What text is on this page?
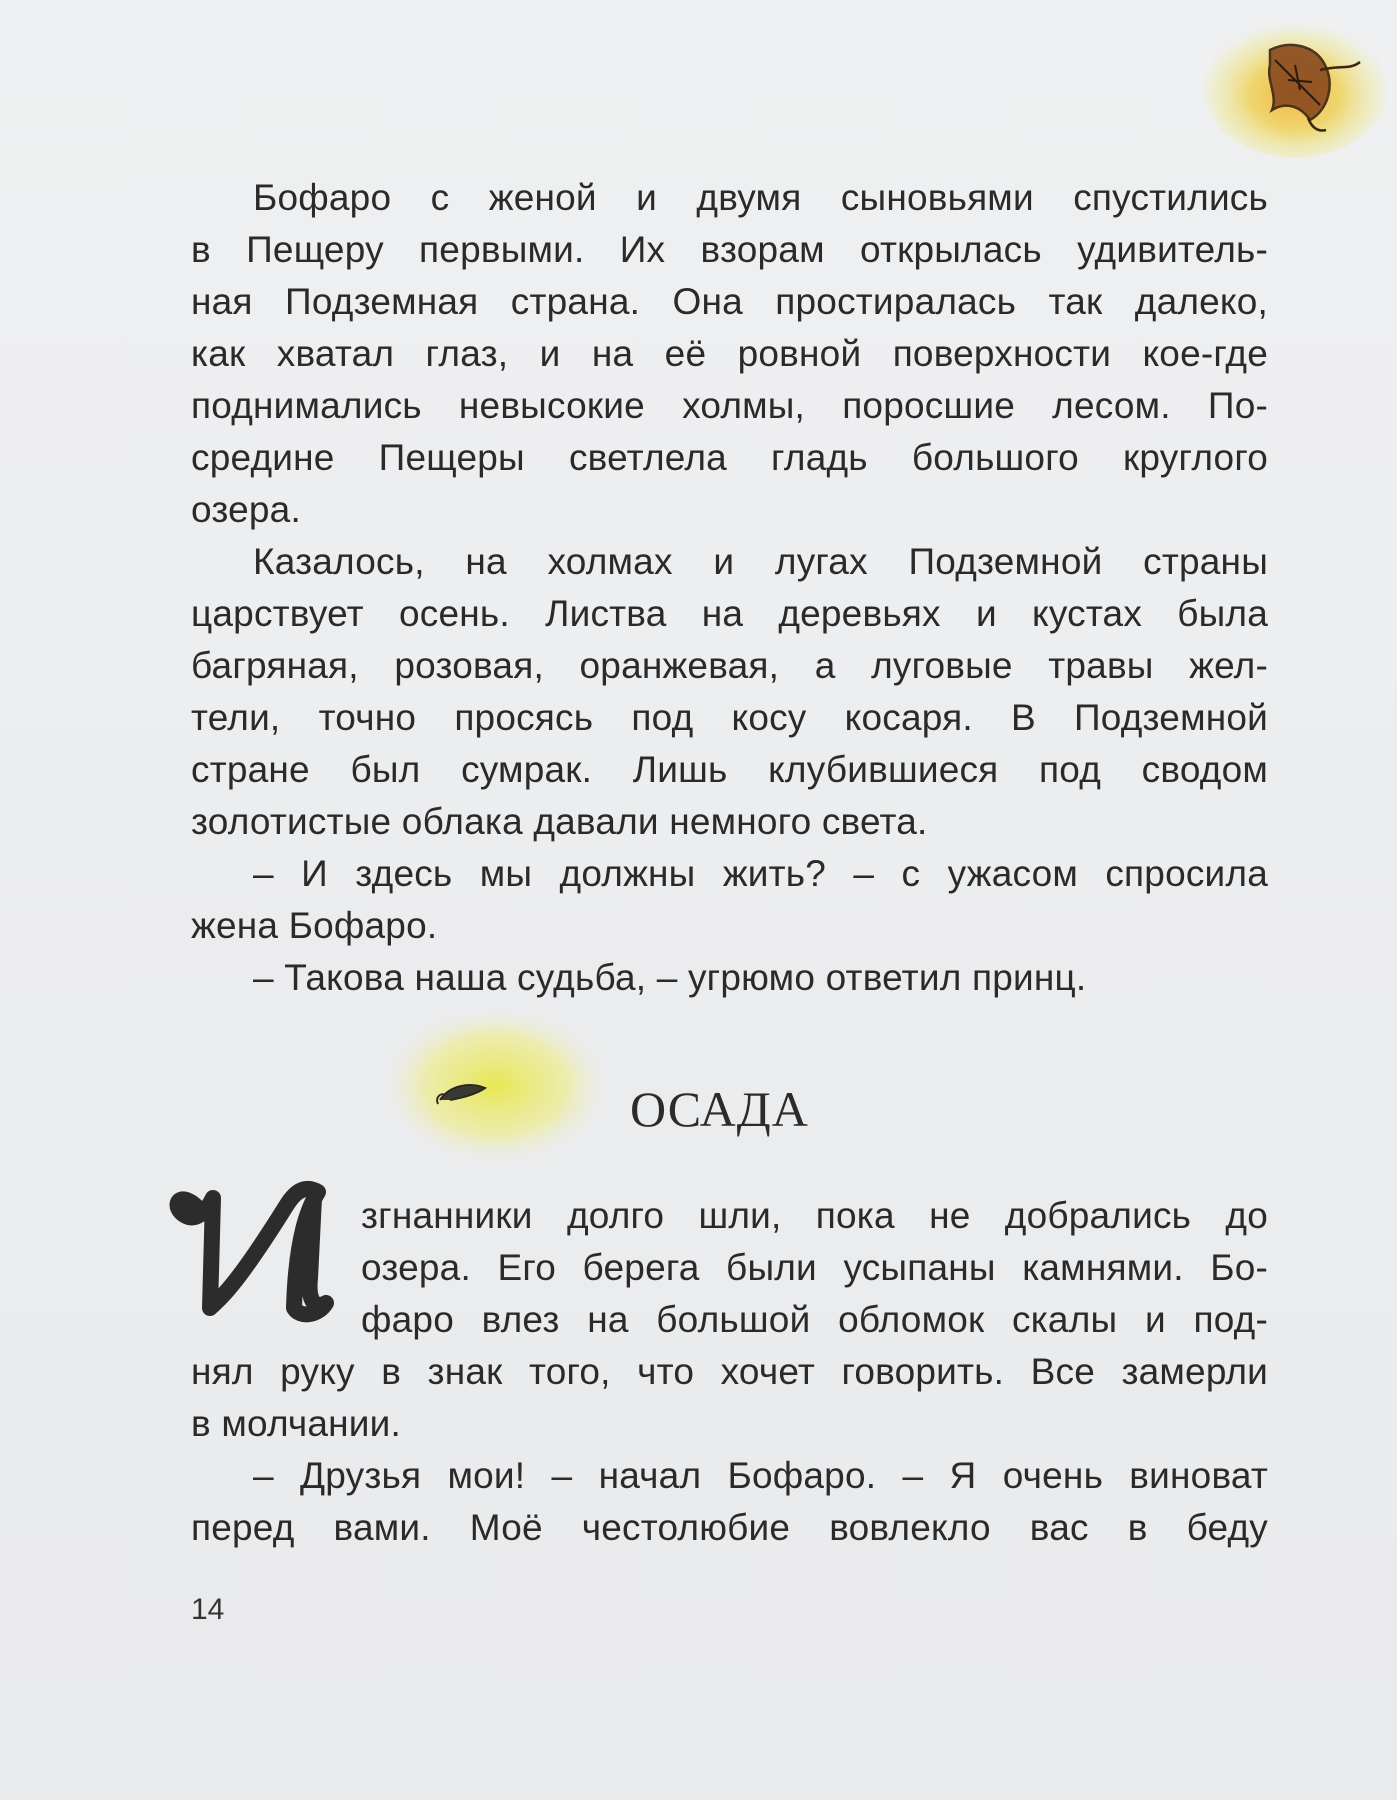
Бофаро с женой и двумя сыновьями спустились
в Пещеру первыми. Их взорам открылась удивитель-
ная Подземная страна. Она простиралась так далеко,
как хватал глаз, и на её ровной поверхности кое-где
поднимались невысокие холмы, поросшие лесом. По-
средине Пещеры светлела гладь большого круглого
озера.
Казалось, на холмах и лугах Подземной страны
царствует осень. Листва на деревьях и кустах была
багряная, розовая, оранжевая, а луговые травы жел-
тели, точно просясь под косу косаря. В Подземной
стране был сумрак. Лишь клубившиеся под сводом
золотистые облака давали немного света.
– И здесь мы должны жить? – с ужасом спросила
жена Бофаро.
– Такова наша судьба, – угрюмо ответил принц.
ОСАДА
згнанники долго шли, пока не добрались до
озера. Его берега были усыпаны камнями. Бо-
фаро влез на большой обломок скалы и под-
нял руку в знак того, что хочет говорить. Все замерли
в молчании.
– Друзья мои! – начал Бофаро. – Я очень виноват
перед вами. Моё честолюбие вовлекло вас в беду
14
